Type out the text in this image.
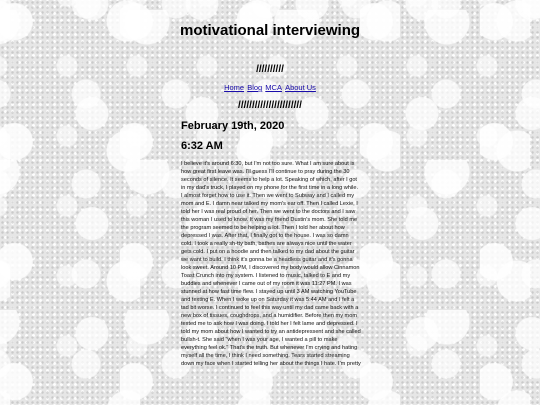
motivational interviewing
//////////
Home Blog MCA About Us
///////////////////////
February 19th, 2020
6:32 AM

I believe it's around 6:30, but I'm not too sure. What I am sure about is how great first leave was. I'll guess I'll continue to pray during the 30 seconds of silence. It seems to help a lot. Speaking of which, after I got in my dad's truck, I played on my phone for the first time in a long while. I almost forget how to use it. Then we went to Subway and I called my mom and E. I damn near talked my mom's ear off. Then I called Lexie, I told her I was real proud of her. Then we went to the doctors and I saw this woman I used to know. It was my friend Dustin's mom. She told me the program seemed to be helping a lot. Then I told her about how depressed I was. After that, I finally got to the house. I was so damn cold. I took a really sh-tty bath, bathes are always nice until the water gets cold. I put on a hoodie and then talked to my dad about the guitar we want to build. I think it's gonna be a headless guitar and it's gonna look sweet. Around 10 PM, I discovered my body would allow Cinnamon Toast Crunch into my system. I listened to music, talked to E and my buddies and whenever I came out of my room it was 11:27 PM. I was stunned at how fast time flew. I stayed up until 3 AM watching YouTube and texting E. When I woke up on Saturday it was 5:44 AM and I felt a tad bit worse. I continued to feel this way until my dad came back with a new box of tissues, coughdrops, and a humidifier. Before then my mom texted me to ask how I was doing. I told her I felt lame and depressed. I told my mom about how I wanted to try an antidepressent and she called bullsh-t. She said "when I was your age, I wanted a pill to make everything feel ok." That's the truth. But whenever I'm crying and hating myself all the time, I think I need something. Tears started streaming down my face when I started telling her about the things I hate. I'm pretty
